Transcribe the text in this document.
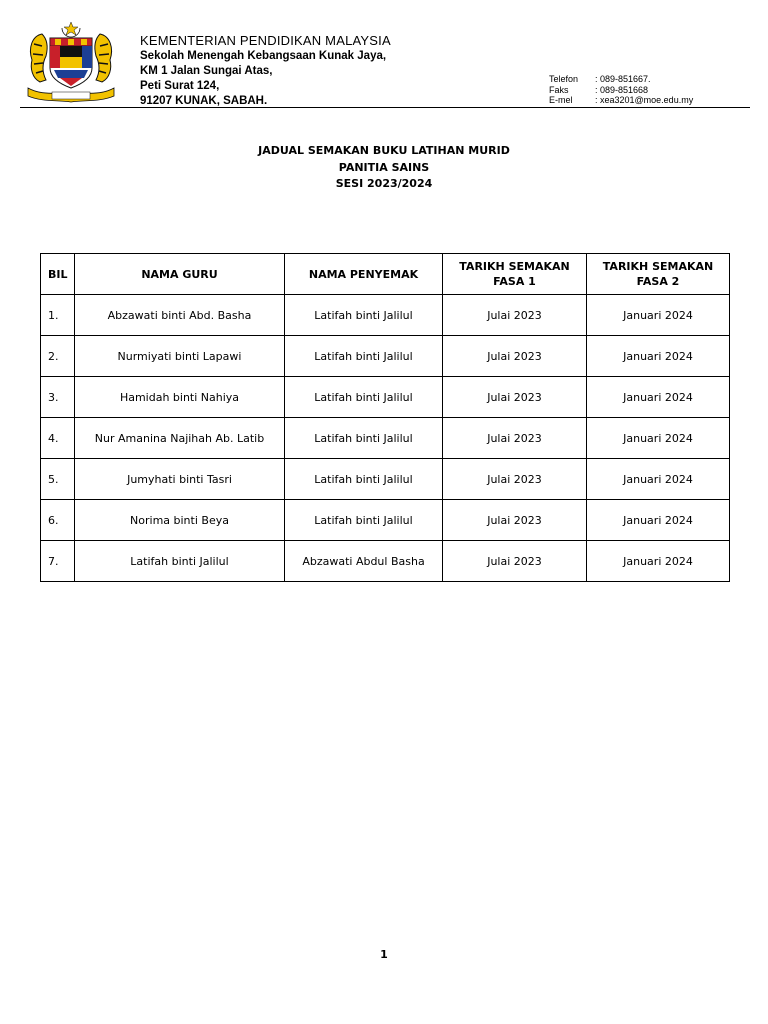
KEMENTERIAN PENDIDIKAN MALAYSIA
Sekolah Menengah Kebangsaan Kunak Jaya,
KM 1 Jalan Sungai Atas,
Peti Surat 124,
91207 KUNAK, SABAH.
Telefon	: 089-851667.
Faks	: 089-851668
E-mel	: xea3201@moe.edu.my
JADUAL SEMAKAN BUKU LATIHAN MURID
PANITIA SAINS
SESI 2023/2024
BIL	NAMA GURU	NAMA PENYEMAK	TARIKH SEMAKAN FASA 1	TARIKH SEMAKAN FASA 2
1.	Abzawati binti Abd. Basha	Latifah binti Jalilul	Julai 2023	Januari 2024
2.	Nurmiyati binti Lapawi	Latifah binti Jalilul	Julai 2023	Januari 2024
3.	Hamidah binti Nahiya	Latifah binti Jalilul	Julai 2023	Januari 2024
4.	Nur Amanina Najihah Ab. Latib	Latifah binti Jalilul	Julai 2023	Januari 2024
5.	Jumyhati binti Tasri	Latifah binti Jalilul	Julai 2023	Januari 2024
6.	Norima binti Beya	Latifah binti Jalilul	Julai 2023	Januari 2024
7.	Latifah binti Jalilul	Abzawati Abdul Basha	Julai 2023	Januari 2024
1
